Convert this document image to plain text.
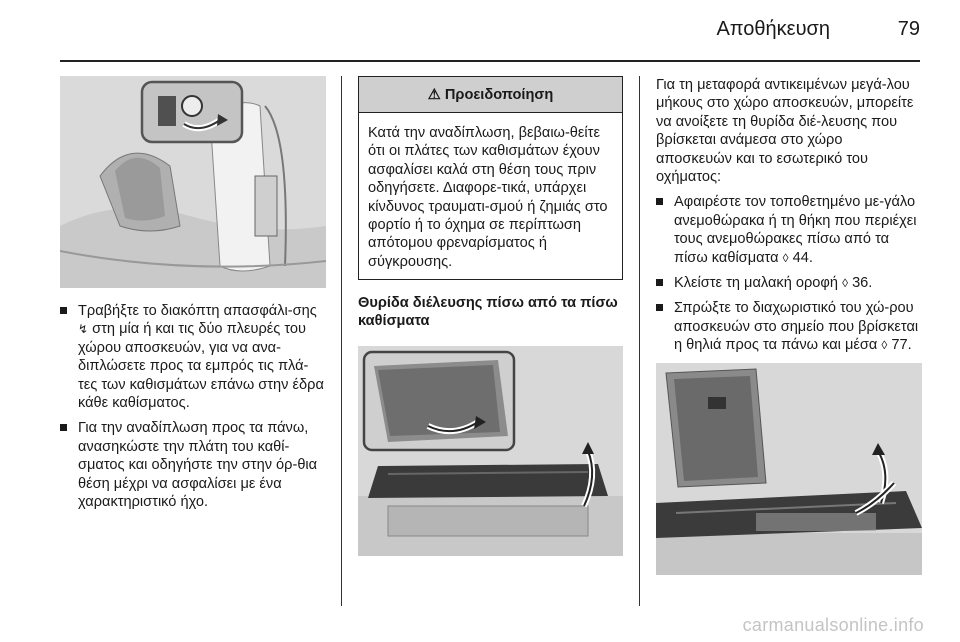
Αποθήκευση	79
Τραβήξτε το διακόπτη απασφάλι-σης ↯ στη μία ή και τις δύο πλευρές του χώρου αποσκευών, για να ανα-διπλώσετε προς τα εμπρός τις πλά-τες των καθισμάτων επάνω στην έδρα κάθε καθίσματος.
Για την αναδίπλωση προς τα πάνω, ανασηκώστε την πλάτη του καθί-σματος και οδηγήστε την στην όρ-θια θέση μέχρι να ασφαλίσει με ένα χαρακτηριστικό ήχο.
⚠ Προειδοποίηση
Κατά την αναδίπλωση, βεβαιω-θείτε ότι οι πλάτες των καθισμάτων έχουν ασφαλίσει καλά στη θέση τους πριν οδηγήσετε. Διαφορε-τικά, υπάρχει κίνδυνος τραυματι-σμού ή ζημιάς στο φορτίο ή το όχημα σε περίπτωση απότομου φρεναρίσματος ή σύγκρουσης.
Θυρίδα διέλευσης πίσω από τα πίσω καθίσματα

Για τη μεταφορά αντικειμένων μεγά-λου μήκους στο χώρο αποσκευών, μπορείτε να ανοίξετε τη θυρίδα διέ-λευσης που βρίσκεται ανάμεσα στο χώρο αποσκευών και το εσωτερικό του οχήματος:

Αφαιρέστε τον τοποθετημένο με-γάλο ανεμοθώρακα ή τη θήκη που περιέχει τους ανεμοθώρακες πίσω από τα πίσω καθίσματα ◊ 44.
Κλείστε τη μαλακή οροφή ◊ 36.
Σπρώξτε το διαχωριστικό του χώ-ρου αποσκευών στο σημείο που βρίσκεται η θηλιά προς τα πάνω και μέσα ◊ 77.
carmanualsonline.info
